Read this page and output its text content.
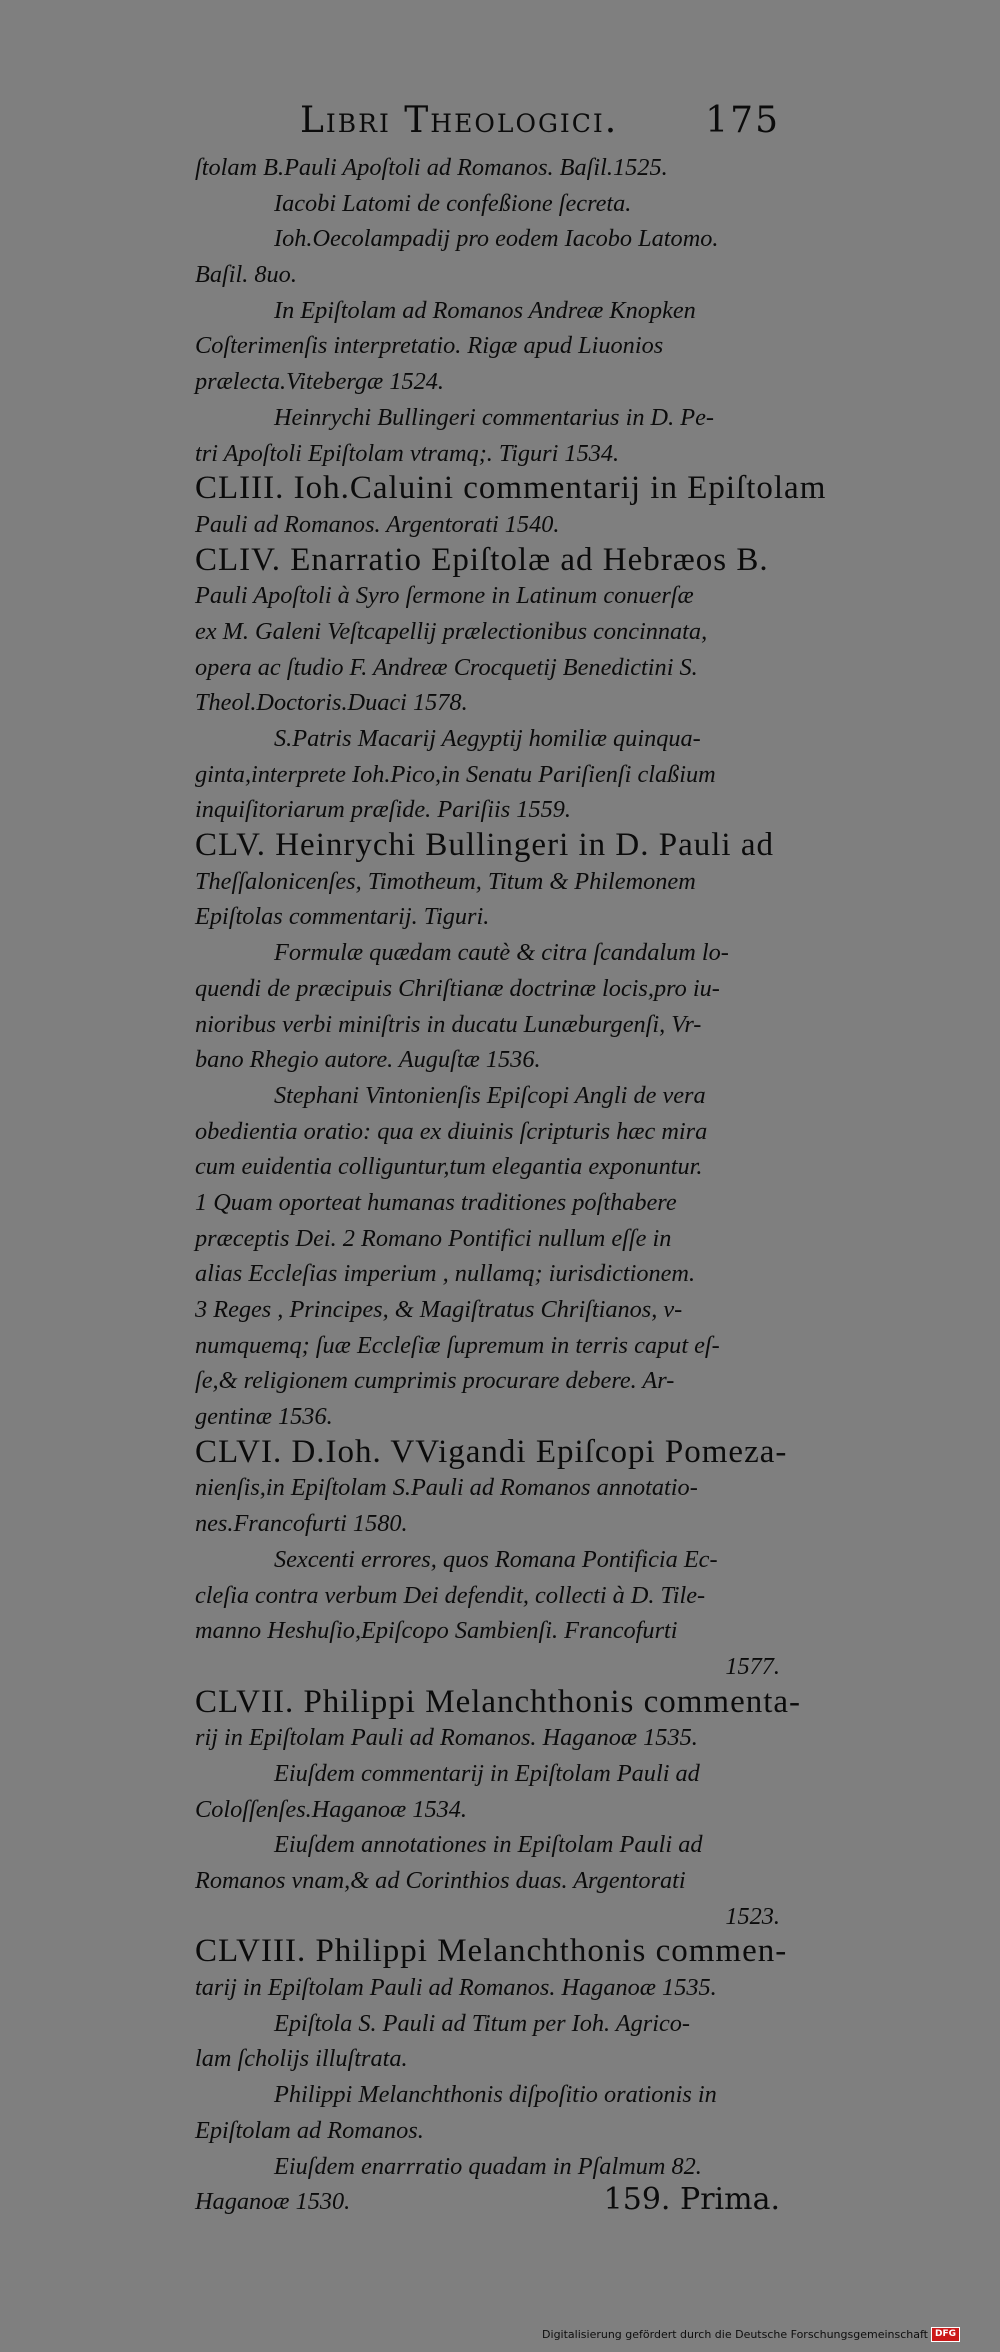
Libri Theologici. 175
ſtolam B.Pauli Apoſtoli ad Romanos. Baſil.1525.
Iacobi Latomi de confeßione ſecreta.
Ioh.Oecolampadij pro eodem Iacobo Latomo.
Baſil. 8uo.
In Epiſtolam ad Romanos Andreæ Knopken
Coſterimenſis interpretatio. Rigæ apud Liuonios
prælecta.Vitebergæ 1524.
Heinrychi Bullingeri commentarius in D. Pe-
tri Apoſtoli Epiſtolam vtramq;. Tiguri 1534.
CLIII. Ioh.Caluini commentarij in Epiſtolam
Pauli ad Romanos. Argentorati 1540.
CLIV. Enarratio Epiſtolæ ad Hebræos B.
Pauli Apoſtoli à Syro ſermone in Latinum conuerſæ
ex M. Galeni Veſtcapellij prælectionibus concinnata,
opera ac ſtudio F. Andreæ Crocquetij Benedictini S.
Theol.Doctoris.Duaci 1578.
S.Patris Macarij Aegyptij homiliæ quinqua-
ginta,interprete Ioh.Pico,in Senatu Pariſienſi claßium
inquiſitoriarum præſide. Pariſiis 1559.
CLV. Heinrychi Bullingeri in D. Pauli ad
Theſſalonicenſes, Timotheum, Titum & Philemonem
Epiſtolas commentarij. Tiguri.
Formulæ quædam cautè & citra ſcandalum lo-
quendi de præcipuis Chriſtianæ doctrinæ locis,pro iu-
nioribus verbi miniſtris in ducatu Lunæburgenſi, Vr-
bano Rhegio autore. Auguſtæ 1536.
Stephani Vintonienſis Epiſcopi Angli de vera
obedientia oratio: qua ex diuinis ſcripturis hæc mira
cum euidentia colliguntur,tum elegantia exponuntur.
1 Quam oporteat humanas traditiones poſthabere
præceptis Dei. 2 Romano Pontifici nullum eſſe in
alias Eccleſias imperium , nullamq; iurisdictionem.
3 Reges , Principes, & Magiſtratus Chriſtianos, v-
numquemq; ſuæ Eccleſiæ ſupremum in terris caput eſ-
ſe,& religionem cumprimis procurare debere. Ar-
gentinæ 1536.
CLVI. D.Ioh. VVigandi Epiſcopi Pomeza-
nienſis,in Epiſtolam S.Pauli ad Romanos annotatio-
nes.Francofurti 1580.
Sexcenti errores, quos Romana Pontificia Ec-
cleſia contra verbum Dei defendit, collecti à D. Tile-
manno Heshuſio,Epiſcopo Sambienſi. Francofurti
1577.
CLVII. Philippi Melanchthonis commenta-
rij in Epiſtolam Pauli ad Romanos. Haganoæ 1535.
Eiuſdem commentarij in Epiſtolam Pauli ad
Coloſſenſes.Haganoæ 1534.
Eiuſdem annotationes in Epiſtolam Pauli ad
Romanos vnam,& ad Corinthios duas. Argentorati
1523.
CLVIII. Philippi Melanchthonis commen-
tarij in Epiſtolam Pauli ad Romanos. Haganoæ 1535.
Epiſtola S. Pauli ad Titum per Ioh. Agrico-
lam ſcholijs illuſtrata.
Philippi Melanchthonis diſpoſitio orationis in
Epiſtolam ad Romanos.
Eiuſdem enarrratio quadam in Pſalmum 82.
Haganoæ 1530.	159. Prima.
Digitalisierung gefördert durch die Deutsche Forschungsgemeinschaft DFG
